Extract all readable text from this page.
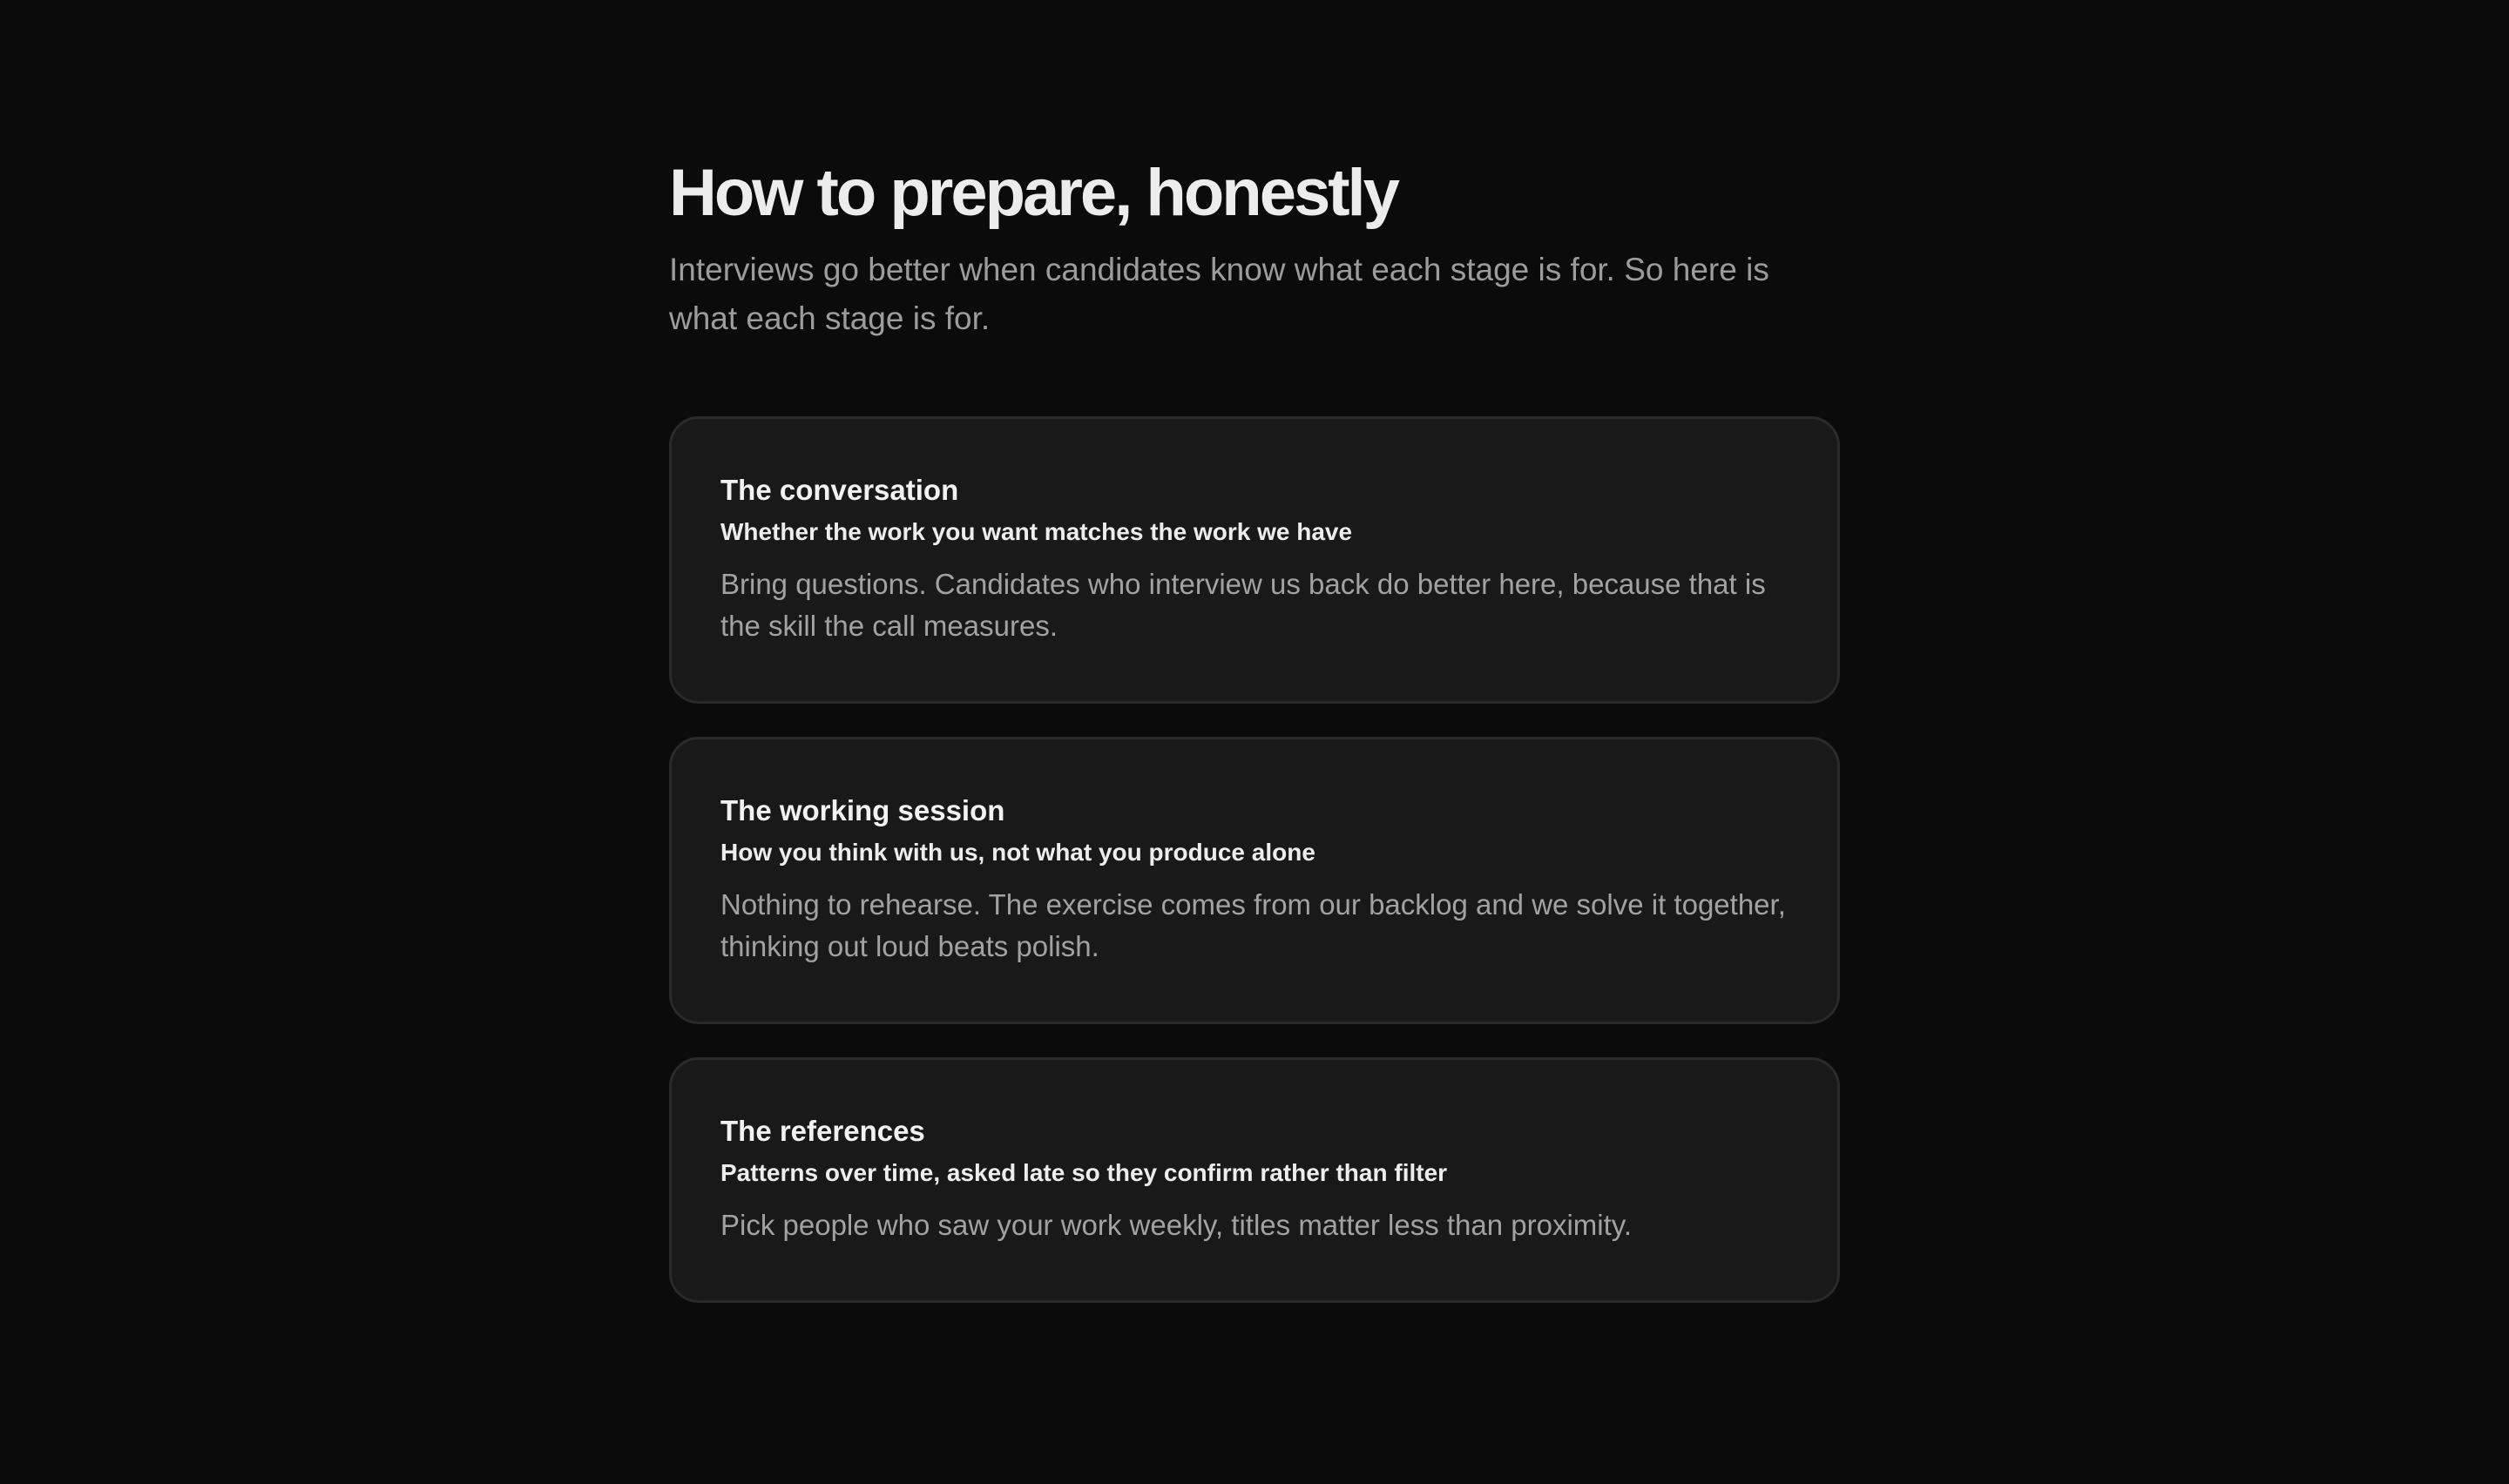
How to prepare, honestly

Interviews go better when candidates know what each stage is for. So here is what each stage is for.

The conversation
Whether the work you want matches the work we have

Bring questions. Candidates who interview us back do better here, because that is the skill the call measures.

The working session
How you think with us, not what you produce alone

Nothing to rehearse. The exercise comes from our backlog and we solve it together, thinking out loud beats polish.

The references
Patterns over time, asked late so they confirm rather than filter

Pick people who saw your work weekly, titles matter less than proximity.
